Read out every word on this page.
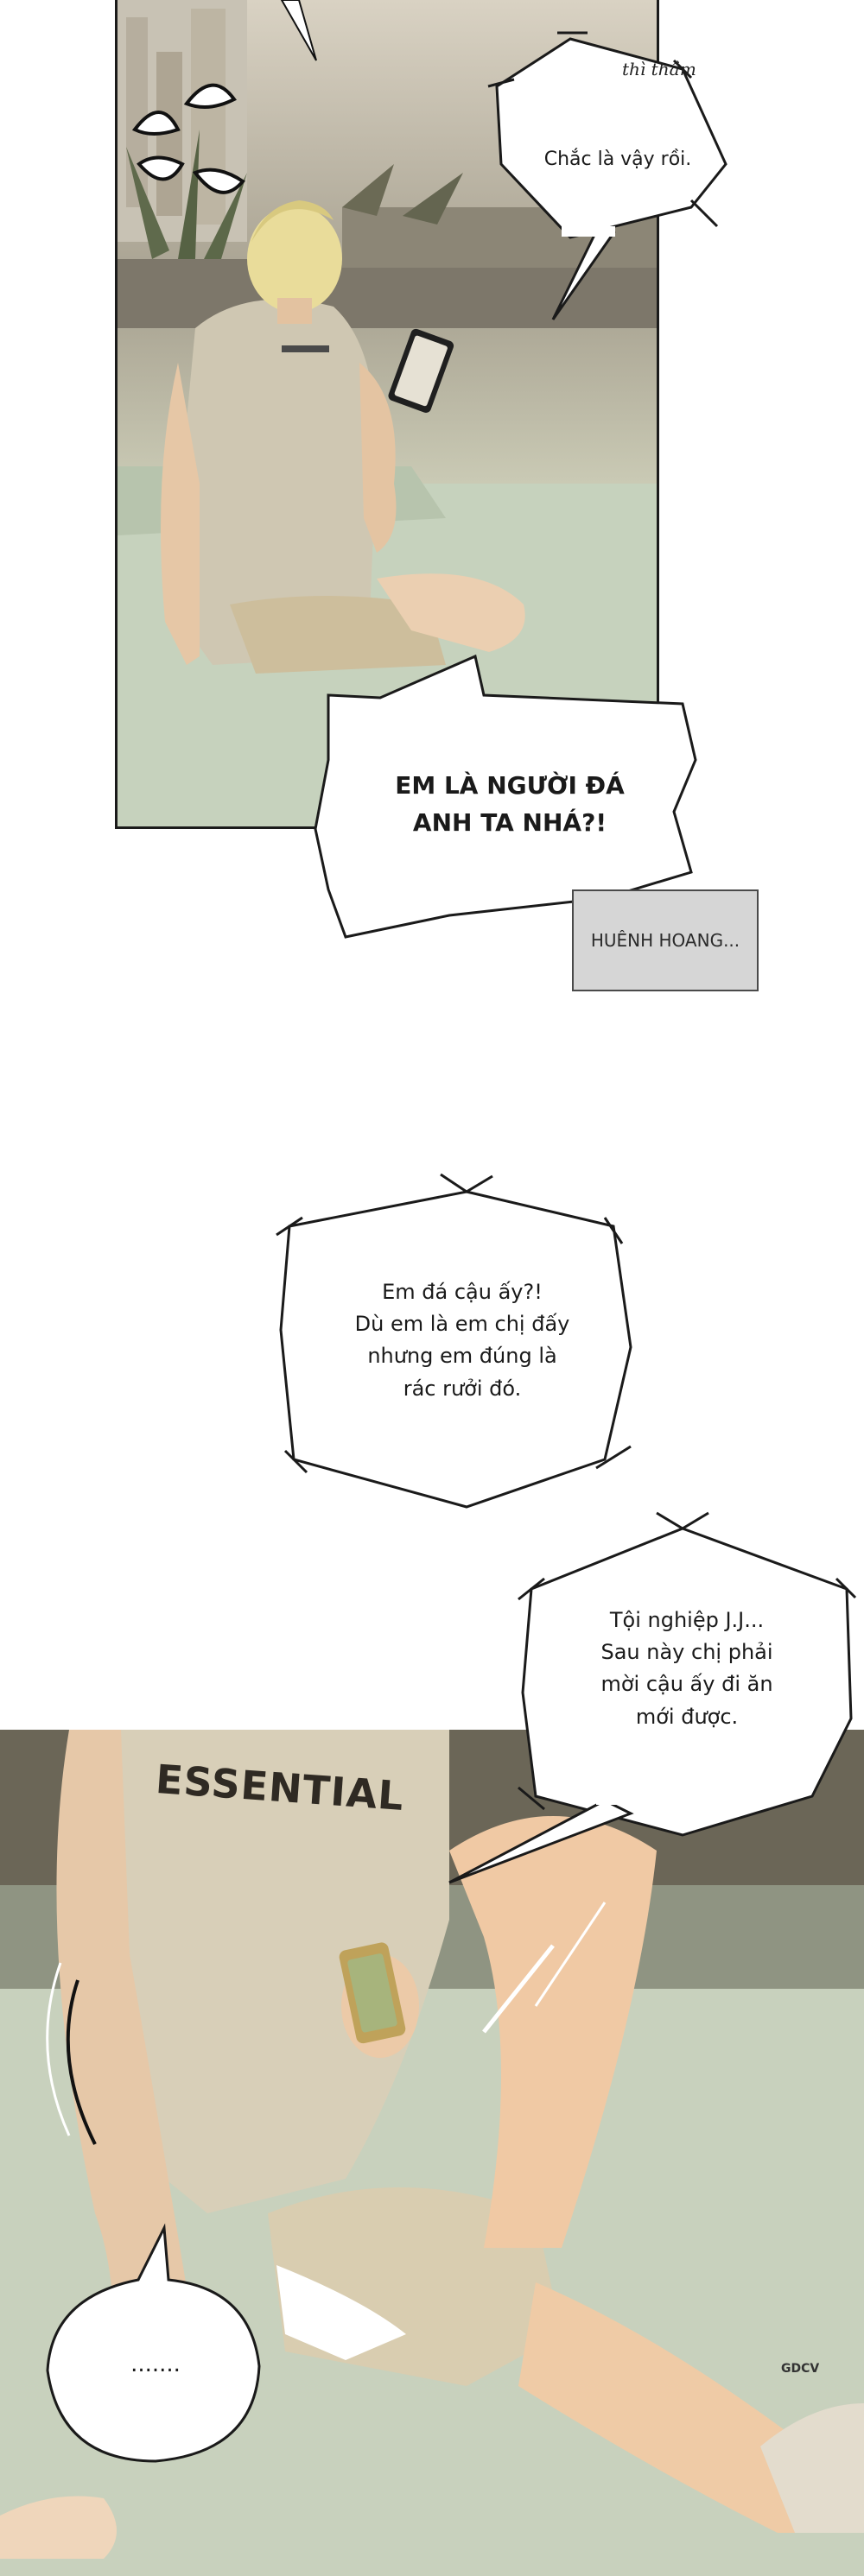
thì thầm
Chắc là vậy rồi.
EM LÀ NGƯỜI ĐÁ
ANH TA NHÁ?!
HUÊNH HOANG...
Em đá cậu ấy?!
Dù em là em chị đấy
nhưng em đúng là
rác rưởi đó.
ESSENTIAL
Tội nghiệp J.J...
Sau này chị phải
mời cậu ấy đi ăn
mới được.
.......	GDCV
